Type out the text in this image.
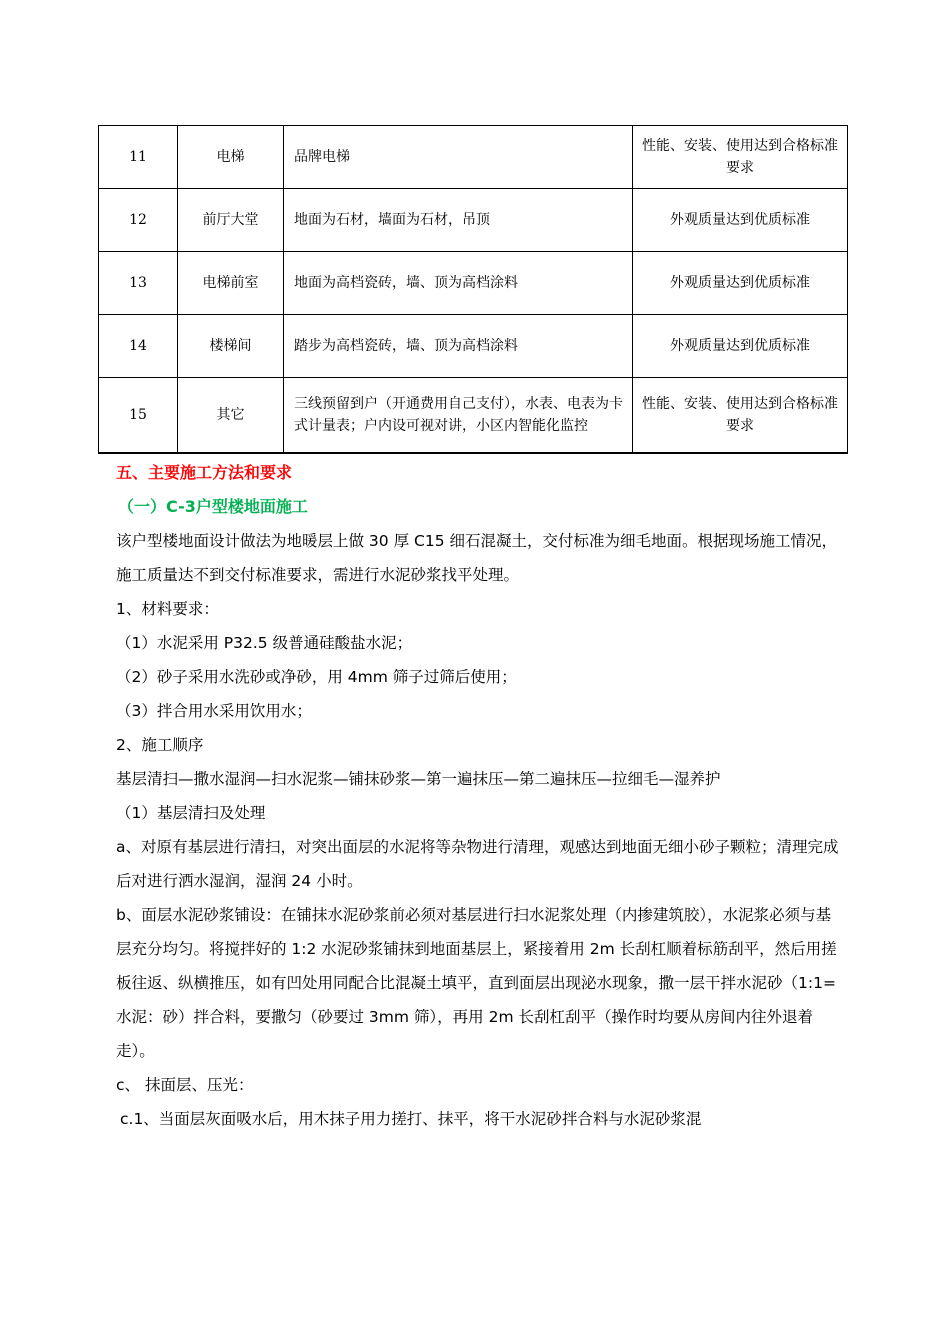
11	电梯	品牌电梯	性能、安装、使用达到合格标准要求
12	前厅大堂	地面为石材，墙面为石材，吊顶	外观质量达到优质标准
13	电梯前室	地面为高档瓷砖，墙、顶为高档涂料	外观质量达到优质标准
14	楼梯间	踏步为高档瓷砖，墙、顶为高档涂料	外观质量达到优质标准
15	其它	三线预留到户（开通费用自己支付），水表、电表为卡式计量表；户内设可视对讲，小区内智能化监控	性能、安装、使用达到合格标准要求

五、主要施工方法和要求

（一）C-3户型楼地面施工

该户型楼地面设计做法为地暖层上做 30 厚 C15 细石混凝土，交付标准为细毛地面。根据现场施工情况，施工质量达不到交付标准要求，需进行水泥砂浆找平处理。

1、材料要求：

（1）水泥采用 P32.5 级普通硅酸盐水泥；

（2）砂子采用水洗砂或净砂，用 4mm 筛子过筛后使用；

（3）拌合用水采用饮用水；

2、施工顺序

基层清扫—撒水湿润—扫水泥浆—铺抹砂浆—第一遍抹压—第二遍抹压—拉细毛—湿养护

（1）基层清扫及处理

a、对原有基层进行清扫，对突出面层的水泥将等杂物进行清理，观感达到地面无细小砂子颗粒；清理完成后对进行洒水湿润，湿润 24 小时。

b、面层水泥砂浆铺设：在铺抹水泥砂浆前必须对基层进行扫水泥浆处理（内掺建筑胶），水泥浆必须与基层充分均匀。将搅拌好的 1:2 水泥砂浆铺抹到地面基层上，紧接着用 2m 长刮杠顺着标筋刮平，然后用搓板往返、纵横推压，如有凹处用同配合比混凝土填平，直到面层出现泌水现象，撒一层干拌水泥砂（1:1=水泥：砂）拌合料，要撒匀（砂要过 3mm 筛），再用 2m 长刮杠刮平（操作时均要从房间内往外退着走）。

c、 抹面层、压光：

c.1、当面层灰面吸水后，用木抹子用力搓打、抹平，将干水泥砂拌合料与水泥砂浆混
